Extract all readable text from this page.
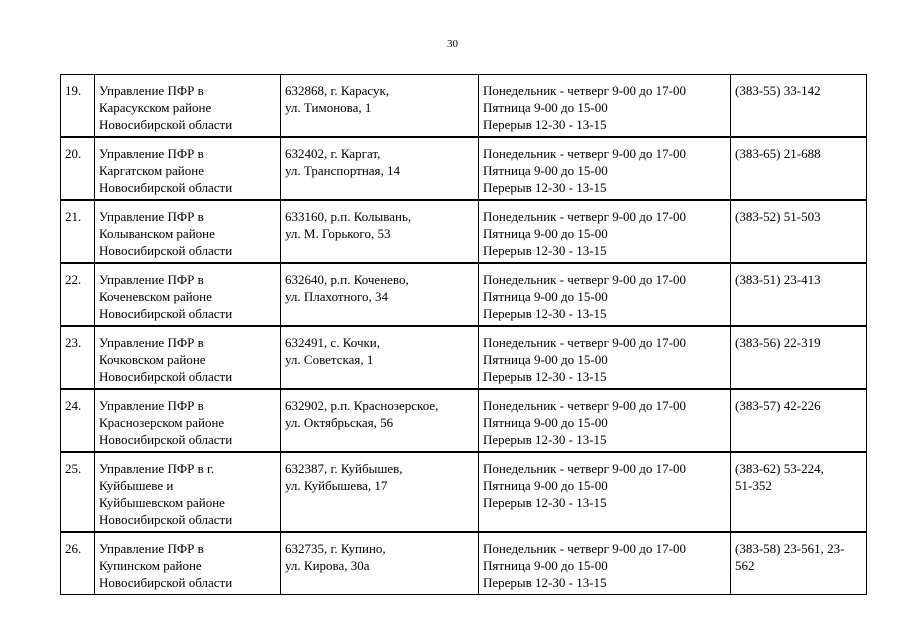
30
19.	Управление ПФР в
Карасукском районе
Новосибирской области	632868, г. Карасук,
ул. Тимонова, 1	Понедельник - четверг 9-00 до 17-00
Пятница 9-00 до 15-00
Перерыв 12-30 - 13-15	(383-55) 33-142

20.	Управление ПФР в
Каргатском районе
Новосибирской области	632402, г. Каргат,
ул. Транспортная, 14	Понедельник - четверг 9-00 до 17-00
Пятница 9-00 до 15-00
Перерыв 12-30 - 13-15	(383-65) 21-688

21.	Управление ПФР в
Колыванском районе
Новосибирской области	633160, р.п. Колывань,
ул. М. Горького, 53	Понедельник - четверг 9-00 до 17-00
Пятница 9-00 до 15-00
Перерыв 12-30 - 13-15	(383-52) 51-503

22.	Управление ПФР в
Коченевском районе
Новосибирской области	632640, р.п. Коченево,
ул. Плахотного, 34	Понедельник - четверг 9-00 до 17-00
Пятница 9-00 до 15-00
Перерыв 12-30 - 13-15	(383-51) 23-413

23.	Управление ПФР в
Кочковском районе
Новосибирской области	632491, с. Кочки,
ул. Советская, 1	Понедельник - четверг 9-00 до 17-00
Пятница 9-00 до 15-00
Перерыв 12-30 - 13-15	(383-56) 22-319

24.	Управление ПФР в
Краснозерском районе
Новосибирской области	632902, р.п. Краснозерское,
ул. Октябрьская, 56	Понедельник - четверг 9-00 до 17-00
Пятница 9-00 до 15-00
Перерыв 12-30 - 13-15	(383-57) 42-226

25.	Управление ПФР в г.
Куйбышеве и
Куйбышевском районе
Новосибирской области	632387, г. Куйбышев,
ул. Куйбышева, 17	Понедельник - четверг 9-00 до 17-00
Пятница 9-00 до 15-00
Перерыв 12-30 - 13-15	(383-62) 53-224,
51-352

26.	Управление ПФР в
Купинском районе
Новосибирской области	632735, г. Купино,
ул. Кирова, 30а	Понедельник - четверг 9-00 до 17-00
Пятница 9-00 до 15-00
Перерыв 12-30 - 13-15	(383-58) 23-561, 23-
562
